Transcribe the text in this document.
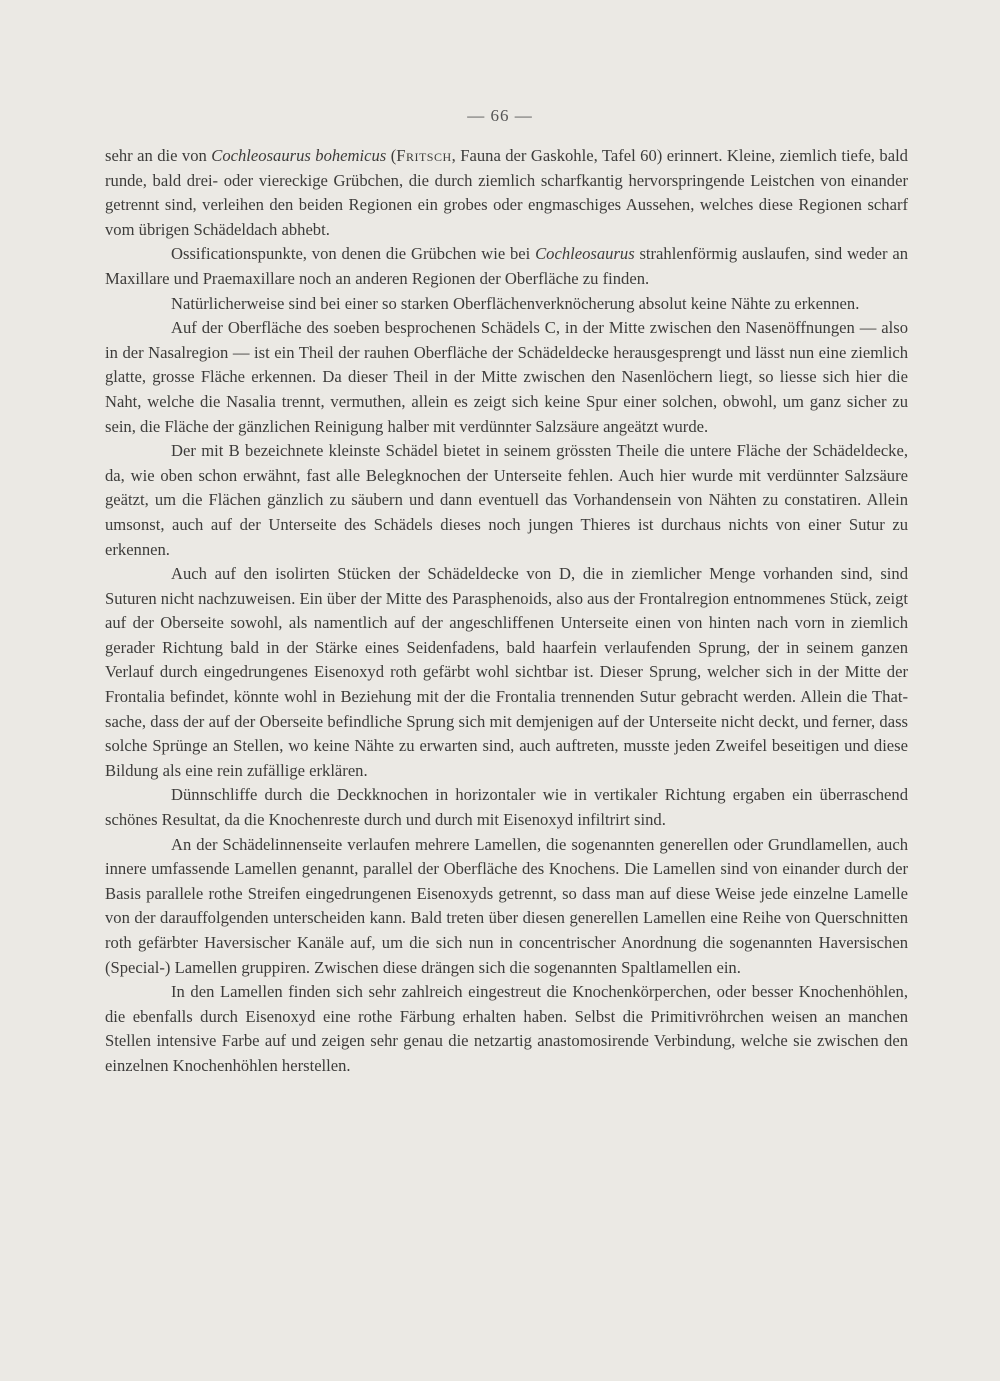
— 66 —

sehr an die von Cochleosaurus bohemicus (Fritsch, Fauna der Gaskohle, Tafel 60) erinnert. Kleine, ziemlich tiefe, bald runde, bald drei- oder viereckige Grübchen, die durch ziemlich scharfkantig hervorspringende Leistchen von einander getrennt sind, verleihen den beiden Regionen ein grobes oder engmaschiges Aussehen, welches diese Regionen scharf vom übrigen Schädeldach abhebt.

Ossificationspunkte, von denen die Grübchen wie bei Cochleosaurus strahlenförmig auslaufen, sind weder an Maxillare und Praemaxillare noch an anderen Regionen der Oberfläche zu finden.

Natürlicherweise sind bei einer so starken Oberflächenverknöcherung absolut keine Nähte zu erkennen.

Auf der Oberfläche des soeben besprochenen Schädels C, in der Mitte zwischen den Nasenöffnungen — also in der Nasalregion — ist ein Theil der rauhen Oberfläche der Schädeldecke herausgesprengt und lässt nun eine ziemlich glatte, grosse Fläche erkennen. Da dieser Theil in der Mitte zwischen den Nasenlöchern liegt, so liesse sich hier die Naht, welche die Nasalia trennt, vermuthen, allein es zeigt sich keine Spur einer solchen, obwohl, um ganz sicher zu sein, die Fläche der gänzlichen Reinigung halber mit verdünnter Salzsäure angeätzt wurde.

Der mit B bezeichnete kleinste Schädel bietet in seinem grössten Theile die untere Fläche der Schädeldecke, da, wie oben schon erwähnt, fast alle Belegknochen der Unterseite fehlen. Auch hier wurde mit verdünnter Salzsäure geätzt, um die Flächen gänzlich zu säubern und dann eventuell das Vorhandensein von Nähten zu constatiren. Allein umsonst, auch auf der Unterseite des Schädels dieses noch jungen Thieres ist durchaus nichts von einer Sutur zu erkennen.

Auch auf den isolirten Stücken der Schädeldecke von D, die in ziemlicher Menge vorhanden sind, sind Suturen nicht nachzuweisen. Ein über der Mitte des Parasphenoids, also aus der Frontalregion entnommenes Stück, zeigt auf der Oberseite sowohl, als namentlich auf der angeschliffenen Unterseite einen von hinten nach vorn in ziemlich gerader Richtung bald in der Stärke eines Seidenfadens, bald haarfein verlaufenden Sprung, der in seinem ganzen Verlauf durch eingedrungenes Eisenoxyd roth gefärbt wohl sichtbar ist. Dieser Sprung, welcher sich in der Mitte der Frontalia befindet, könnte wohl in Beziehung mit der die Frontalia trennenden Sutur gebracht werden. Allein die Thatsache, dass der auf der Oberseite befindliche Sprung sich mit demjenigen auf der Unterseite nicht deckt, und ferner, dass solche Sprünge an Stellen, wo keine Nähte zu erwarten sind, auch auftreten, musste jeden Zweifel beseitigen und diese Bildung als eine rein zufällige erklären.

Dünnschliffe durch die Deckknochen in horizontaler wie in vertikaler Richtung ergaben ein überraschend schönes Resultat, da die Knochenreste durch und durch mit Eisenoxyd infiltrirt sind.

An der Schädelinnenseite verlaufen mehrere Lamellen, die sogenannten generellen oder Grundlamellen, auch innere umfassende Lamellen genannt, parallel der Oberfläche des Knochens. Die Lamellen sind von einander durch der Basis parallele rothe Streifen eingedrungenen Eisenoxyds getrennt, so dass man auf diese Weise jede einzelne Lamelle von der darauffolgenden unterscheiden kann. Bald treten über diesen generellen Lamellen eine Reihe von Querschnitten roth gefärbter Haversischer Kanäle auf, um die sich nun in concentrischer Anordnung die sogenannten Haversischen (Special-) Lamellen gruppiren. Zwischen diese drängen sich die sogenannten Spaltlamellen ein.

In den Lamellen finden sich sehr zahlreich eingestreut die Knochenkörperchen, oder besser Knochenhöhlen, die ebenfalls durch Eisenoxyd eine rothe Färbung erhalten haben. Selbst die Primitivröhrchen weisen an manchen Stellen intensive Farbe auf und zeigen sehr genau die netzartig anastomosirende Verbindung, welche sie zwischen den einzelnen Knochenhöhlen herstellen.
